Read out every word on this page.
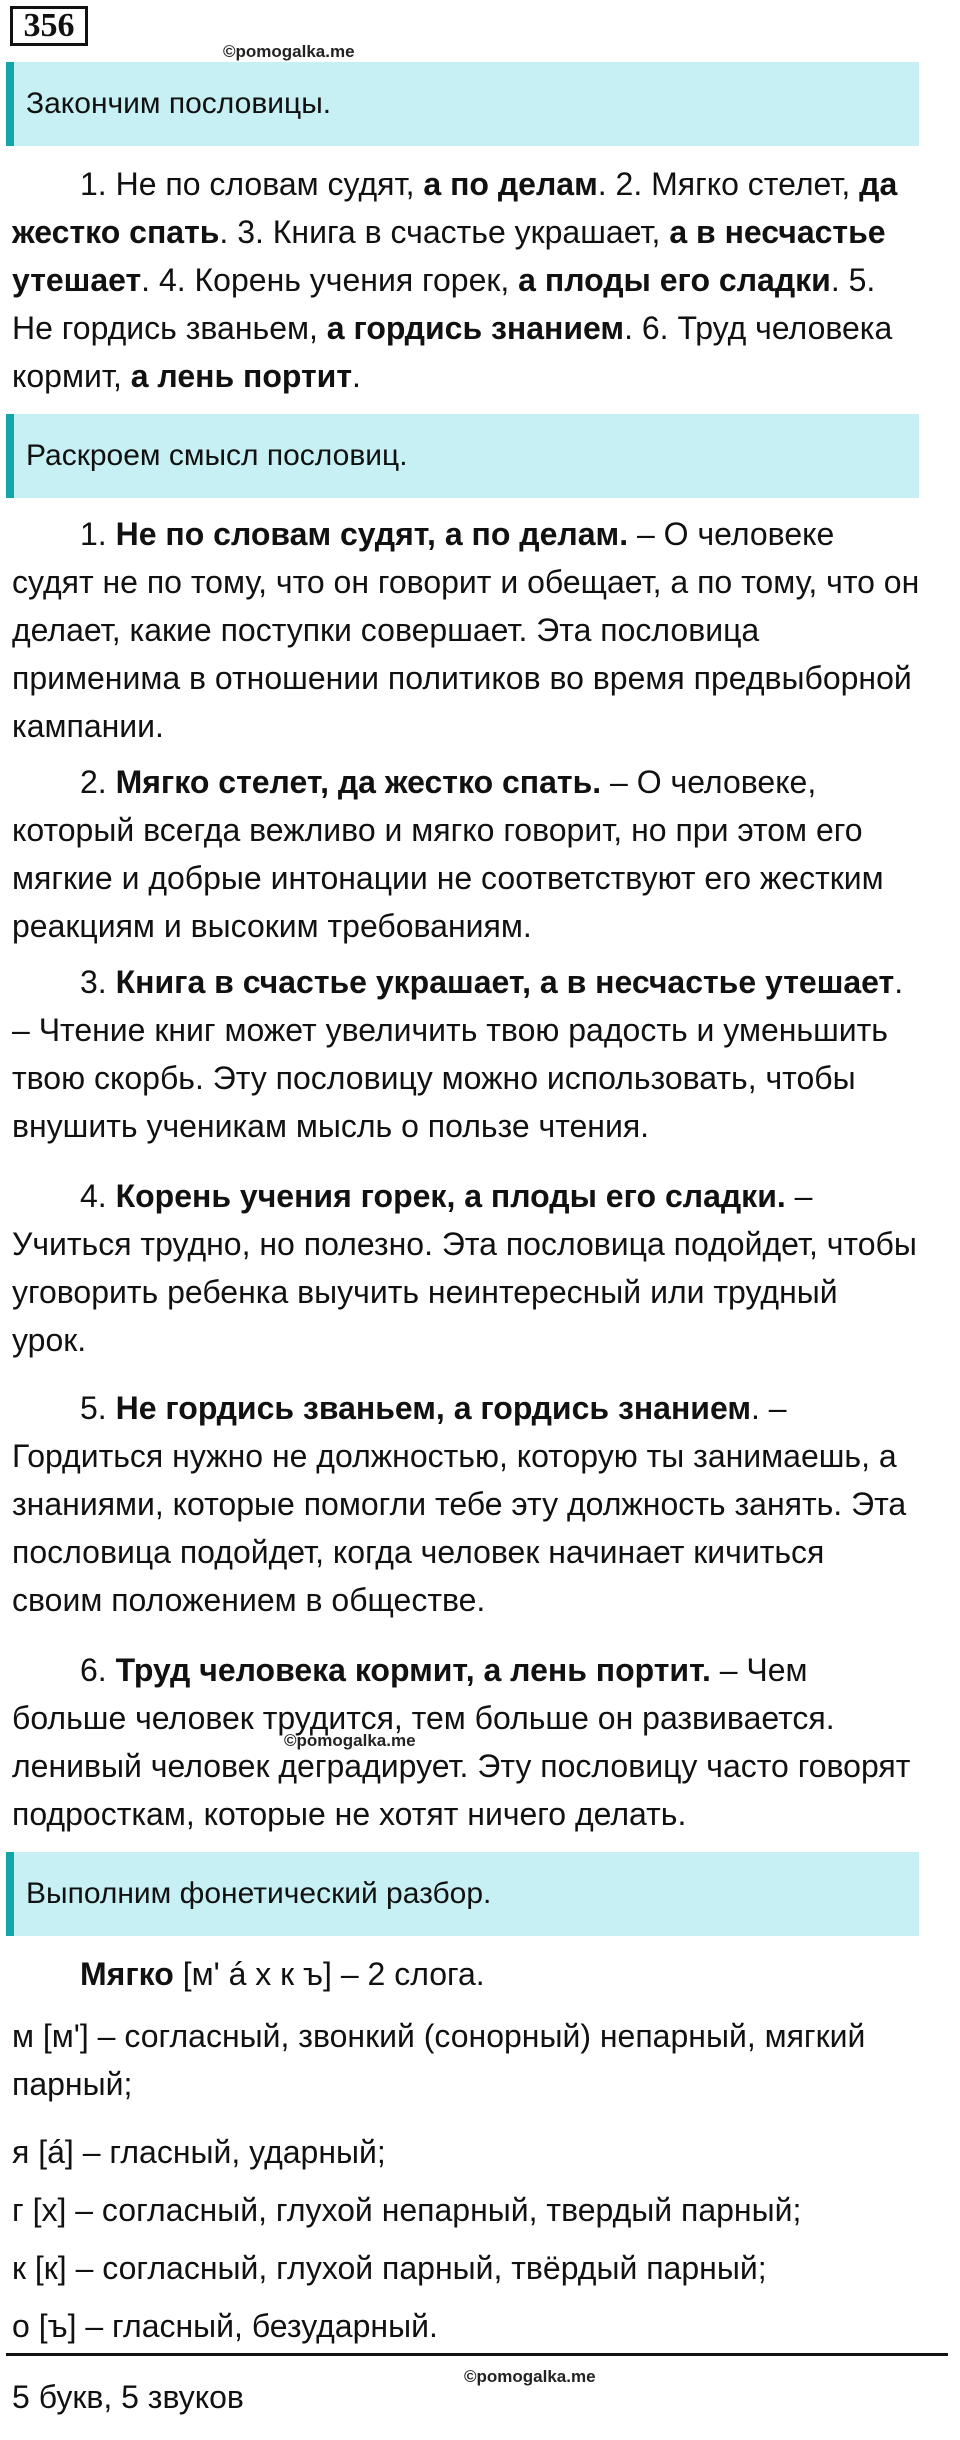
356
©pomogalka.me
Закончим пословицы.

1. Не по словам судят, а по делам. 2. Мягко стелет, да жестко спать. 3. Книга в счастье украшает, а в несчастье утешает. 4. Корень учения горек, а плоды его сладки. 5. Не гордись званьем, а гордись знанием. 6. Труд человека кормит, а лень портит.

Раскроем смысл пословиц.

1. Не по словам судят, а по делам. – О человеке судят не по тому, что он говорит и обещает, а по тому, что он делает, какие поступки совершает. Эта пословица применима в отношении политиков во время предвыборной кампании.

2. Мягко стелет, да жестко спать. – О человеке, который всегда вежливо и мягко говорит, но при этом его мягкие и добрые интонации не соответствуют его жестким реакциям и высоким требованиям.

3. Книга в счастье украшает, а в несчастье утешает. – Чтение книг может увеличить твою радость и уменьшить твою скорбь. Эту пословицу можно использовать, чтобы внушить ученикам мысль о пользе чтения.

4. Корень учения горек, а плоды его сладки. – Учиться трудно, но полезно. Эта пословица подойдет, чтобы уговорить ребенка выучить неинтересный или трудный урок.

5. Не гордись званьем, а гордись знанием. – Гордиться нужно не должностью, которую ты занимаешь, а знаниями, которые помогли тебе эту должность занять. Эта пословица подойдет, когда человек начинает кичиться своим положением в обществе.

6. Труд человека кормит, а лень портит. – Чем больше человек трудится, тем больше он развивается. ленивый человек деградирует. Эту пословицу часто говорят подросткам, которые не хотят ничего делать.

©pomogalka.me
Выполним фонетический разбор.

Мягко [м' á х к ъ] – 2 слога.

м [м'] – согласный, звонкий (сонорный) непарный, мягкий парный;

я [á] – гласный, ударный;

г [х] – согласный, глухой непарный, твердый парный;

к [к] – согласный, глухой парный, твёрдый парный;

о [ъ] – гласный, безударный.

5 букв, 5 звуков

©pomogalka.me
